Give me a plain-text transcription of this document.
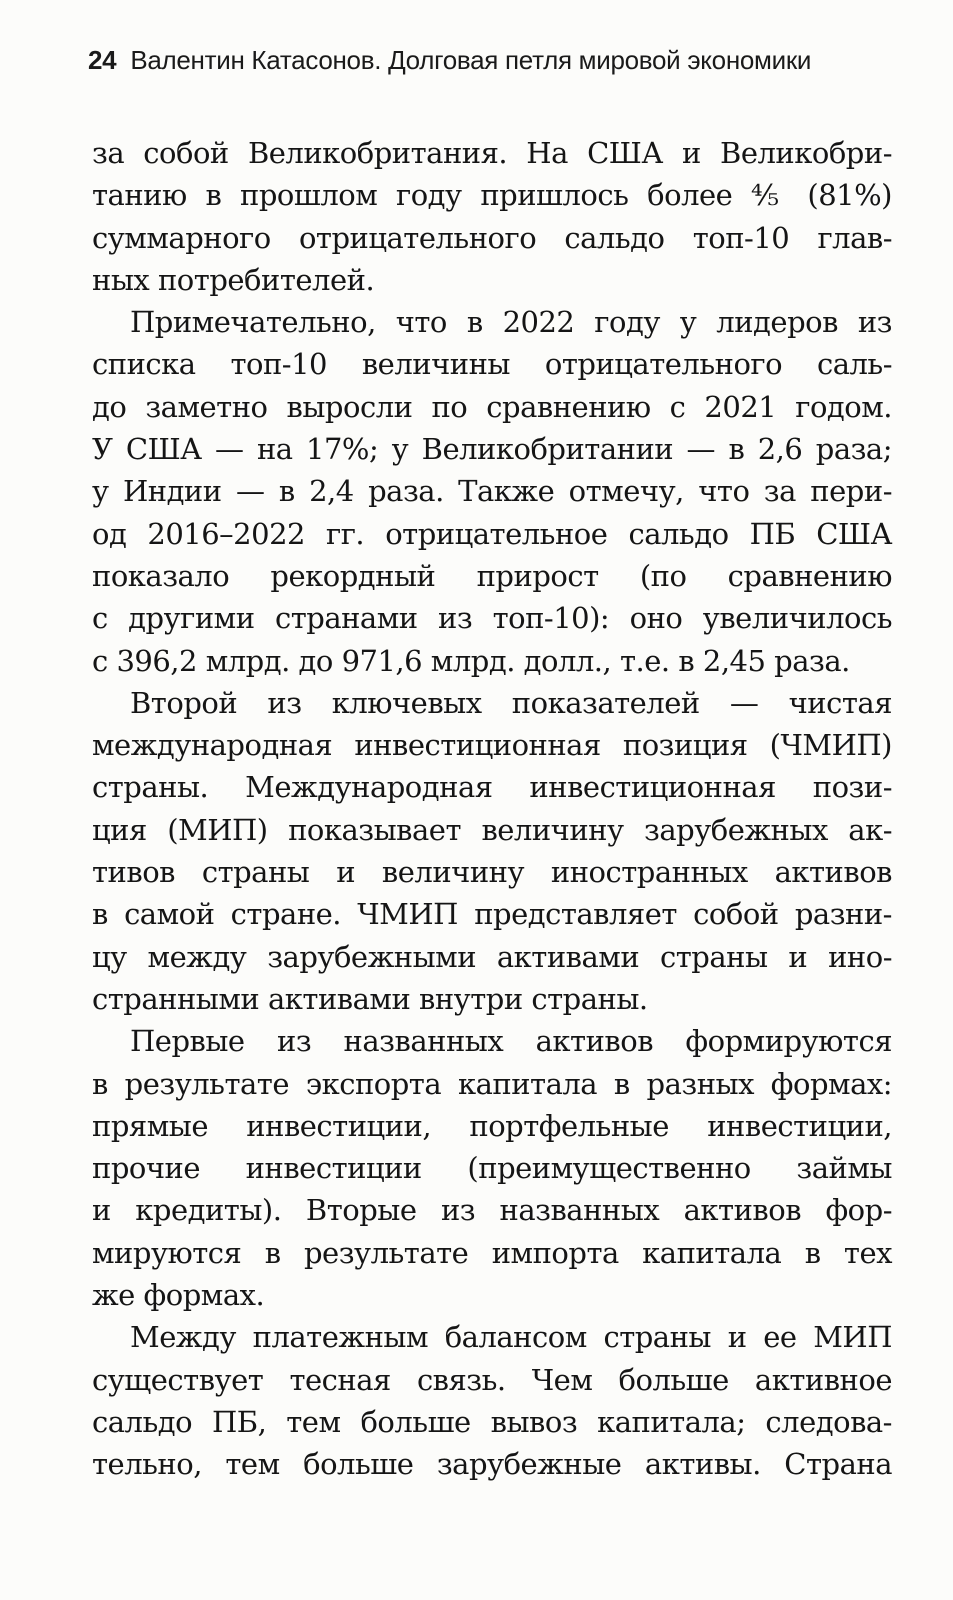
24 Валентин Катасонов. Долговая петля мировой экономики
за собой Великобритания. На США и Великобри-
танию в прошлом году пришлось более ⅘ (81%)
суммарного отрицательного сальдо топ-10 глав-
ных потребителей.
Примечательно, что в 2022 году у лидеров из
списка топ-10 величины отрицательного саль-
до заметно выросли по сравнению с 2021 годом.
У США — на 17%; у Великобритании — в 2,6 раза;
у Индии — в 2,4 раза. Также отмечу, что за пери-
од 2016–2022 гг. отрицательное сальдо ПБ США
показало рекордный прирост (по сравнению
с другими странами из топ-10): оно увеличилось
с 396,2 млрд. до 971,6 млрд. долл., т.е. в 2,45 раза.
Второй из ключевых показателей — чистая
международная инвестиционная позиция (ЧМИП)
страны. Международная инвестиционная пози-
ция (МИП) показывает величину зарубежных ак-
тивов страны и величину иностранных активов
в самой стране. ЧМИП представляет собой разни-
цу между зарубежными активами страны и ино-
странными активами внутри страны.
Первые из названных активов формируются
в результате экспорта капитала в разных формах:
прямые инвестиции, портфельные инвестиции,
прочие инвестиции (преимущественно займы
и кредиты). Вторые из названных активов фор-
мируются в результате импорта капитала в тех
же формах.
Между платежным балансом страны и ее МИП
существует тесная связь. Чем больше активное
сальдо ПБ, тем больше вывоз капитала; следова-
тельно, тем больше зарубежные активы. Страна
